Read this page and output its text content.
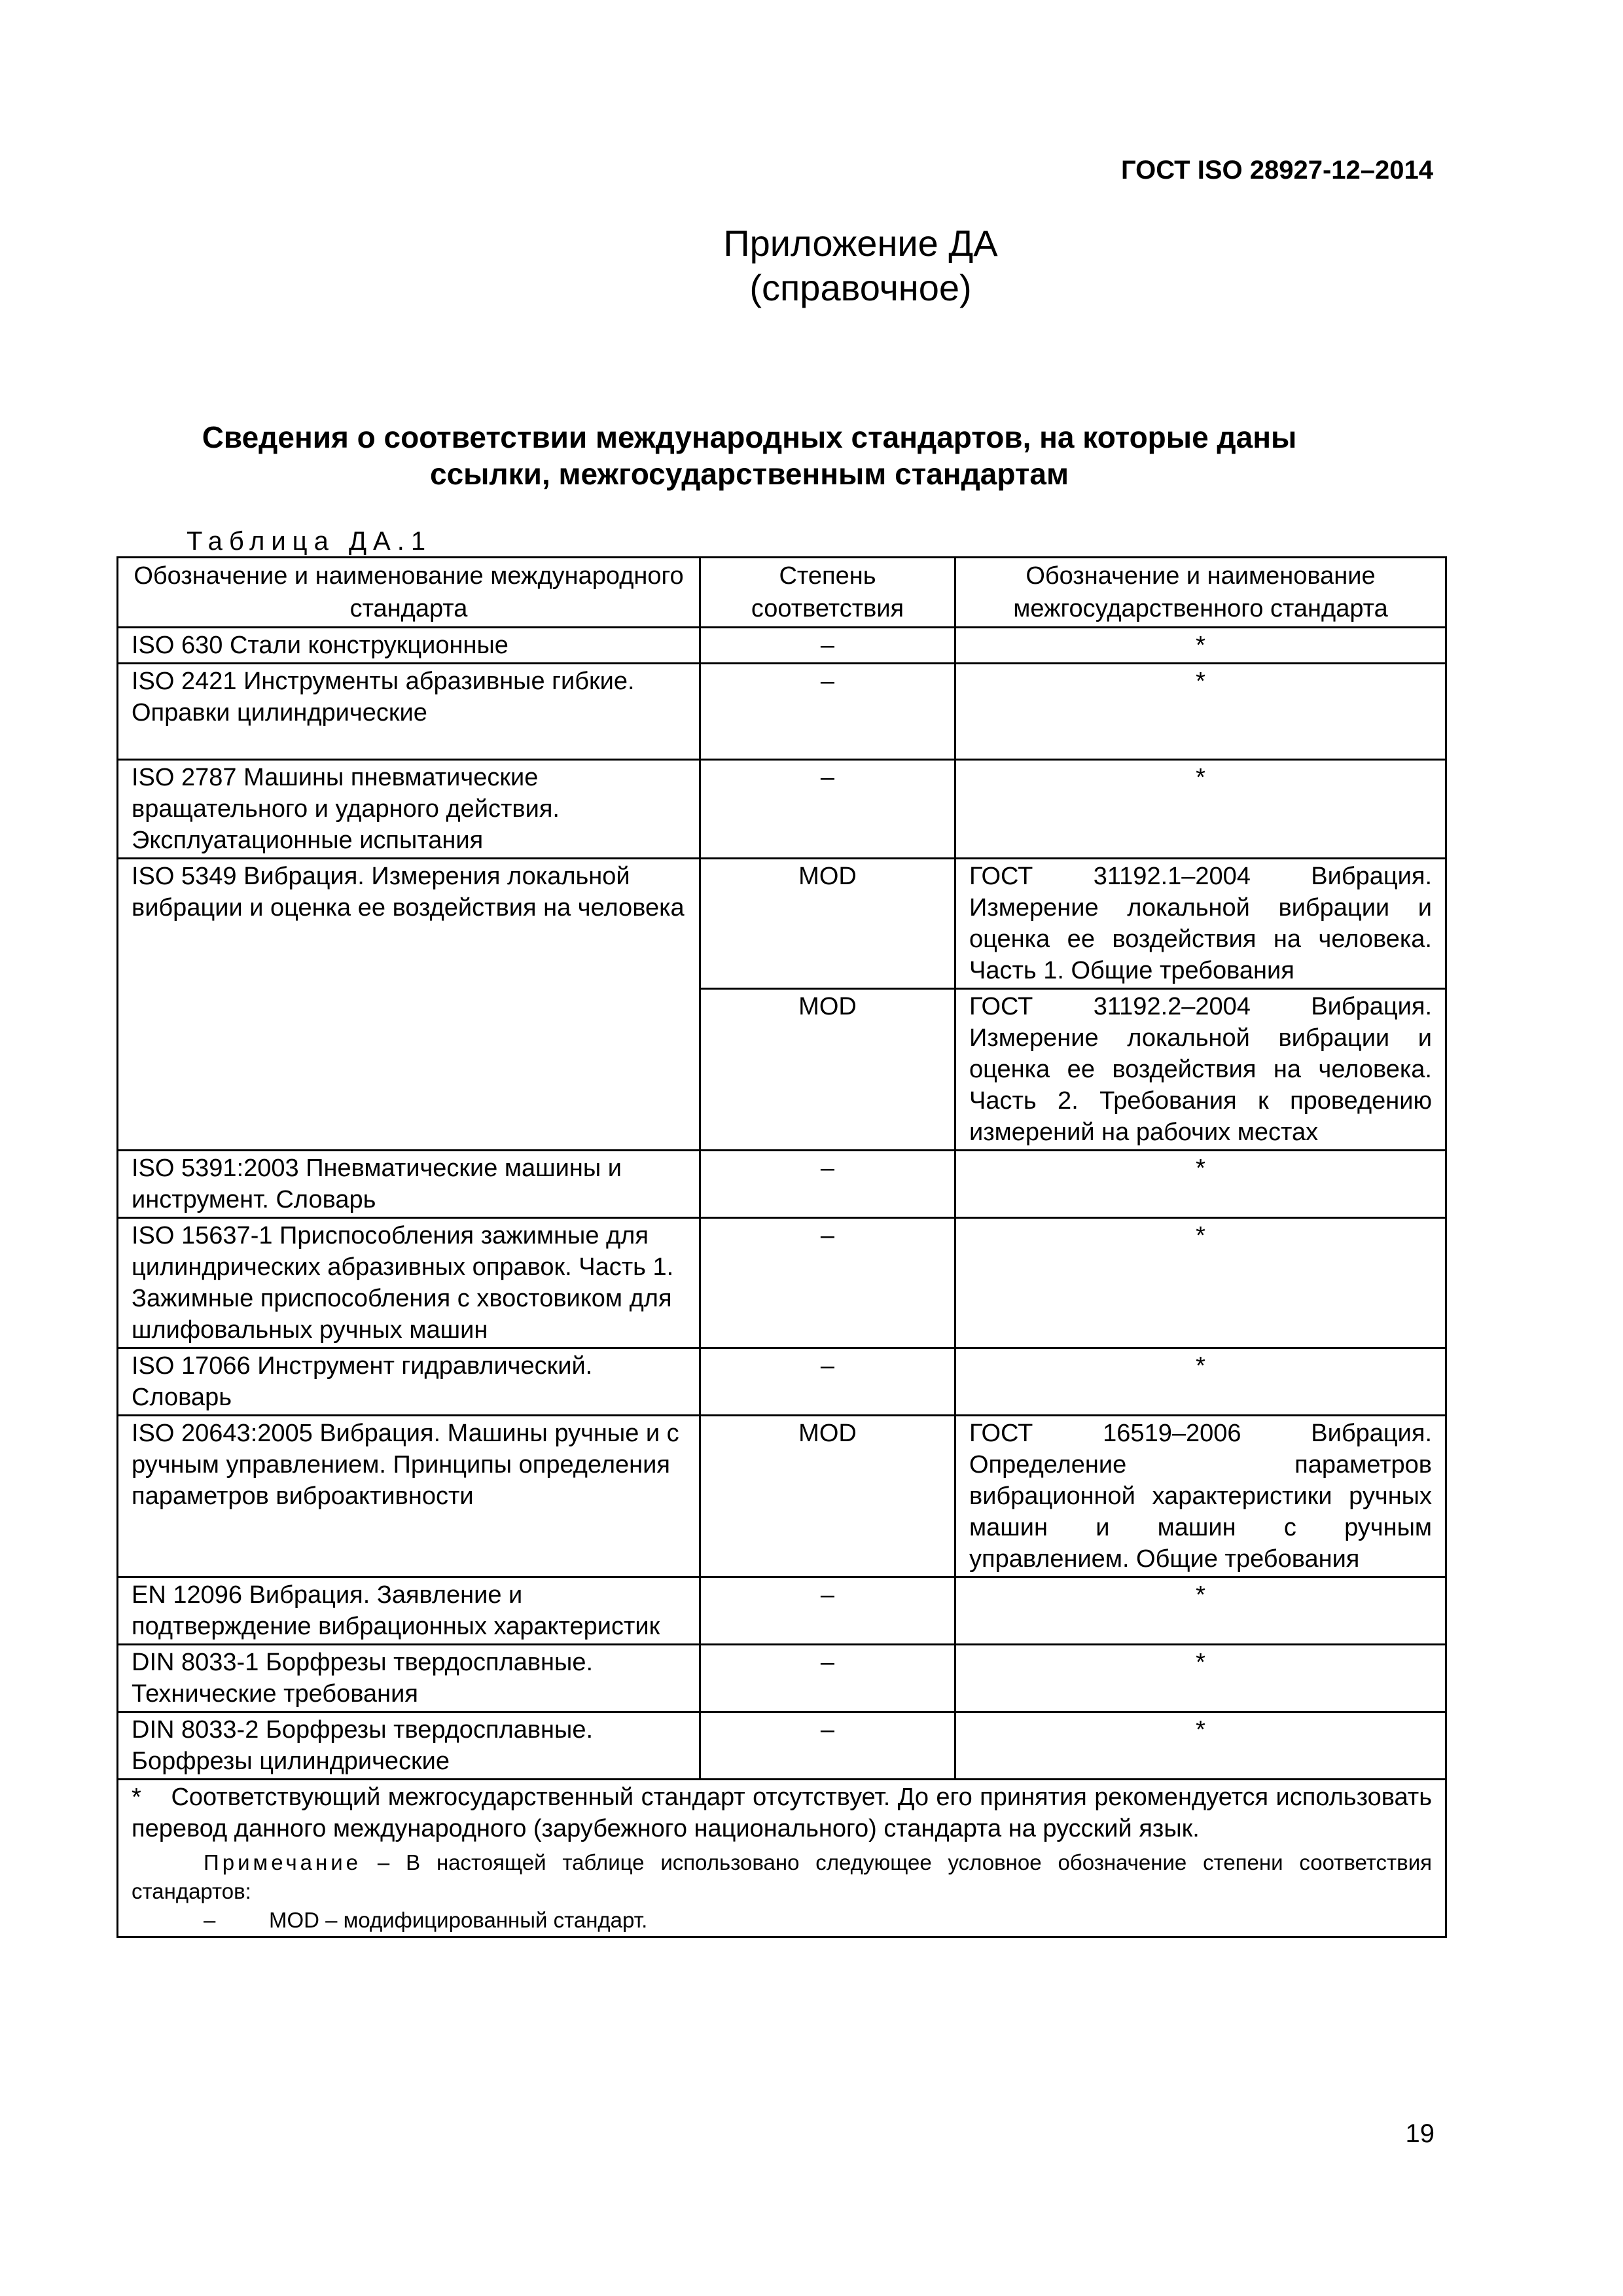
ГОСТ ISO 28927-12–2014
Приложение ДА
(справочное)
Сведения о соответствии международных стандартов, на которые даны
ссылки, межгосударственным стандартам
Таблица ДА.1
Обозначение и наименование международного стандарта	Степень соответствия	Обозначение и наименование межгосударственного стандарта
ISO 630 Стали конструкционные	–	*
ISO 2421 Инструменты абразивные гибкие. Оправки цилиндрические	–	*
ISO 2787 Машины пневматические вращательного и ударного действия. Эксплуатационные испытания	–	*
ISO 5349 Вибрация. Измерения локальной вибрации и оценка ее воздействия на человека	MOD	ГОСТ 31192.1–2004 Вибрация. Измерение локальной вибрации и оценка ее воздействия на человека. Часть 1. Общие требования
	MOD	ГОСТ 31192.2–2004 Вибрация. Измерение локальной вибрации и оценка ее воздействия на человека. Часть 2. Требования к проведению измерений на рабочих местах
ISO 5391:2003 Пневматические машины и инструмент. Словарь	–	*
ISO 15637-1 Приспособления зажимные для цилиндрических абразивных оправок. Часть 1. Зажимные приспособления с хвостовиком для шлифовальных ручных машин	–	*
ISO 17066 Инструмент гидравлический. Словарь	–	*
ISO 20643:2005 Вибрация. Машины ручные и с ручным управлением. Принципы определения параметров виброактивности	MOD	ГОСТ 16519–2006 Вибрация. Определение параметров вибрационной характеристики ручных машин и машин с ручным управлением. Общие требования
EN 12096 Вибрация. Заявление и подтверждение вибрационных характеристик	–	*
DIN 8033-1 Борфрезы твердосплавные. Технические требования	–	*
DIN 8033-2 Борфрезы твердосплавные. Борфрезы цилиндрические	–	*

* Соответствующий межгосударственный стандарт отсутствует. До его принятия рекомендуется использовать перевод данного международного (зарубежного национального) стандарта на русский язык.
Примечание – В настоящей таблице использовано следующее условное обозначение степени соответствия стандартов:
– MOD – модифицированный стандарт.		
19
